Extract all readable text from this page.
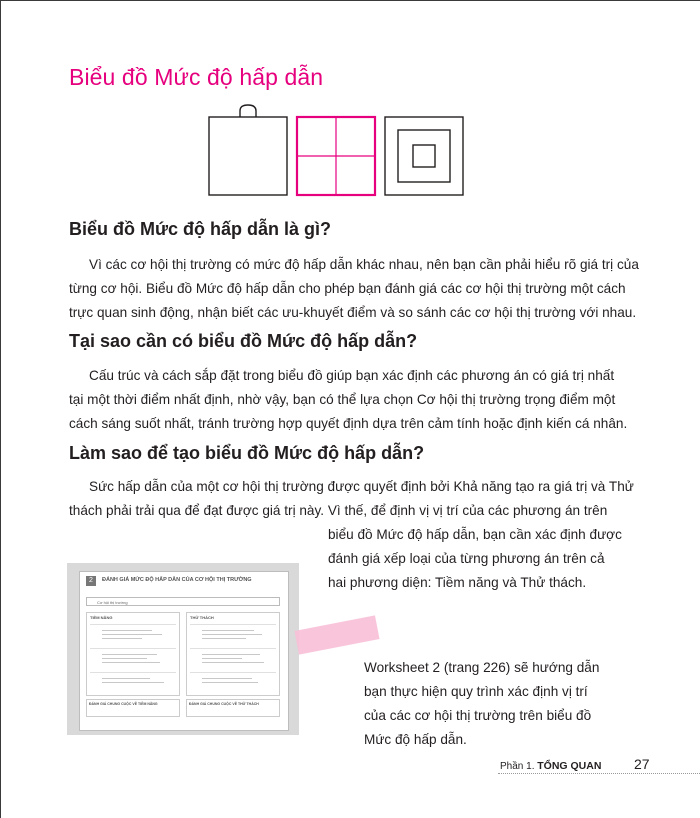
Biểu đồ Mức độ hấp dẫn
Biểu đồ Mức độ hấp dẫn là gì?

Vì các cơ hội thị trường có mức độ hấp dẫn khác nhau, nên bạn cần phải hiểu rõ giá trị của
từng cơ hội. Biểu đồ Mức độ hấp dẫn cho phép bạn đánh giá các cơ hội thị trường một cách
trực quan sinh động, nhận biết các ưu-khuyết điểm và so sánh các cơ hội thị trường với nhau.

Tại sao cần có biểu đồ Mức độ hấp dẫn?

Cấu trúc và cách sắp đặt trong biểu đồ giúp bạn xác định các phương án có giá trị nhất
tại một thời điểm nhất định, nhờ vậy, bạn có thể lựa chọn Cơ hội thị trường trọng điểm một
cách sáng suốt nhất, tránh trường hợp quyết định dựa trên cảm tính hoặc định kiến cá nhân.

Làm sao để tạo biểu đồ Mức độ hấp dẫn?

Sức hấp dẫn của một cơ hội thị trường được quyết định bởi Khả năng tạo ra giá trị và Thử
thách phải trải qua để đạt được giá trị này. Vì thế, để định vị vị trí của các phương án trên

biểu đồ Mức độ hấp dẫn, bạn cần xác định được
đánh giá xếp loại của từng phương án trên cả
hai phương diện: Tiềm năng và Thử thách.

2	ĐÁNH GIÁ MỨC ĐỘ HẤP DẪN CỦA CƠ HỘI THỊ TRƯỜNG
Cơ hội thị trường
TIỀM NĂNG	THỬ THÁCH
ĐÁNH GIÁ CHUNG CUỘC VỀ TIỀM NĂNG	ĐÁNH GIÁ CHUNG CUỘC VỀ THỬ THÁCH

Worksheet 2 (trang 226) sẽ hướng dẫn
bạn thực hiện quy trình xác định vị trí
của các cơ hội thị trường trên biểu đồ
Mức độ hấp dẫn.

Phần 1. TỔNG QUAN 27
